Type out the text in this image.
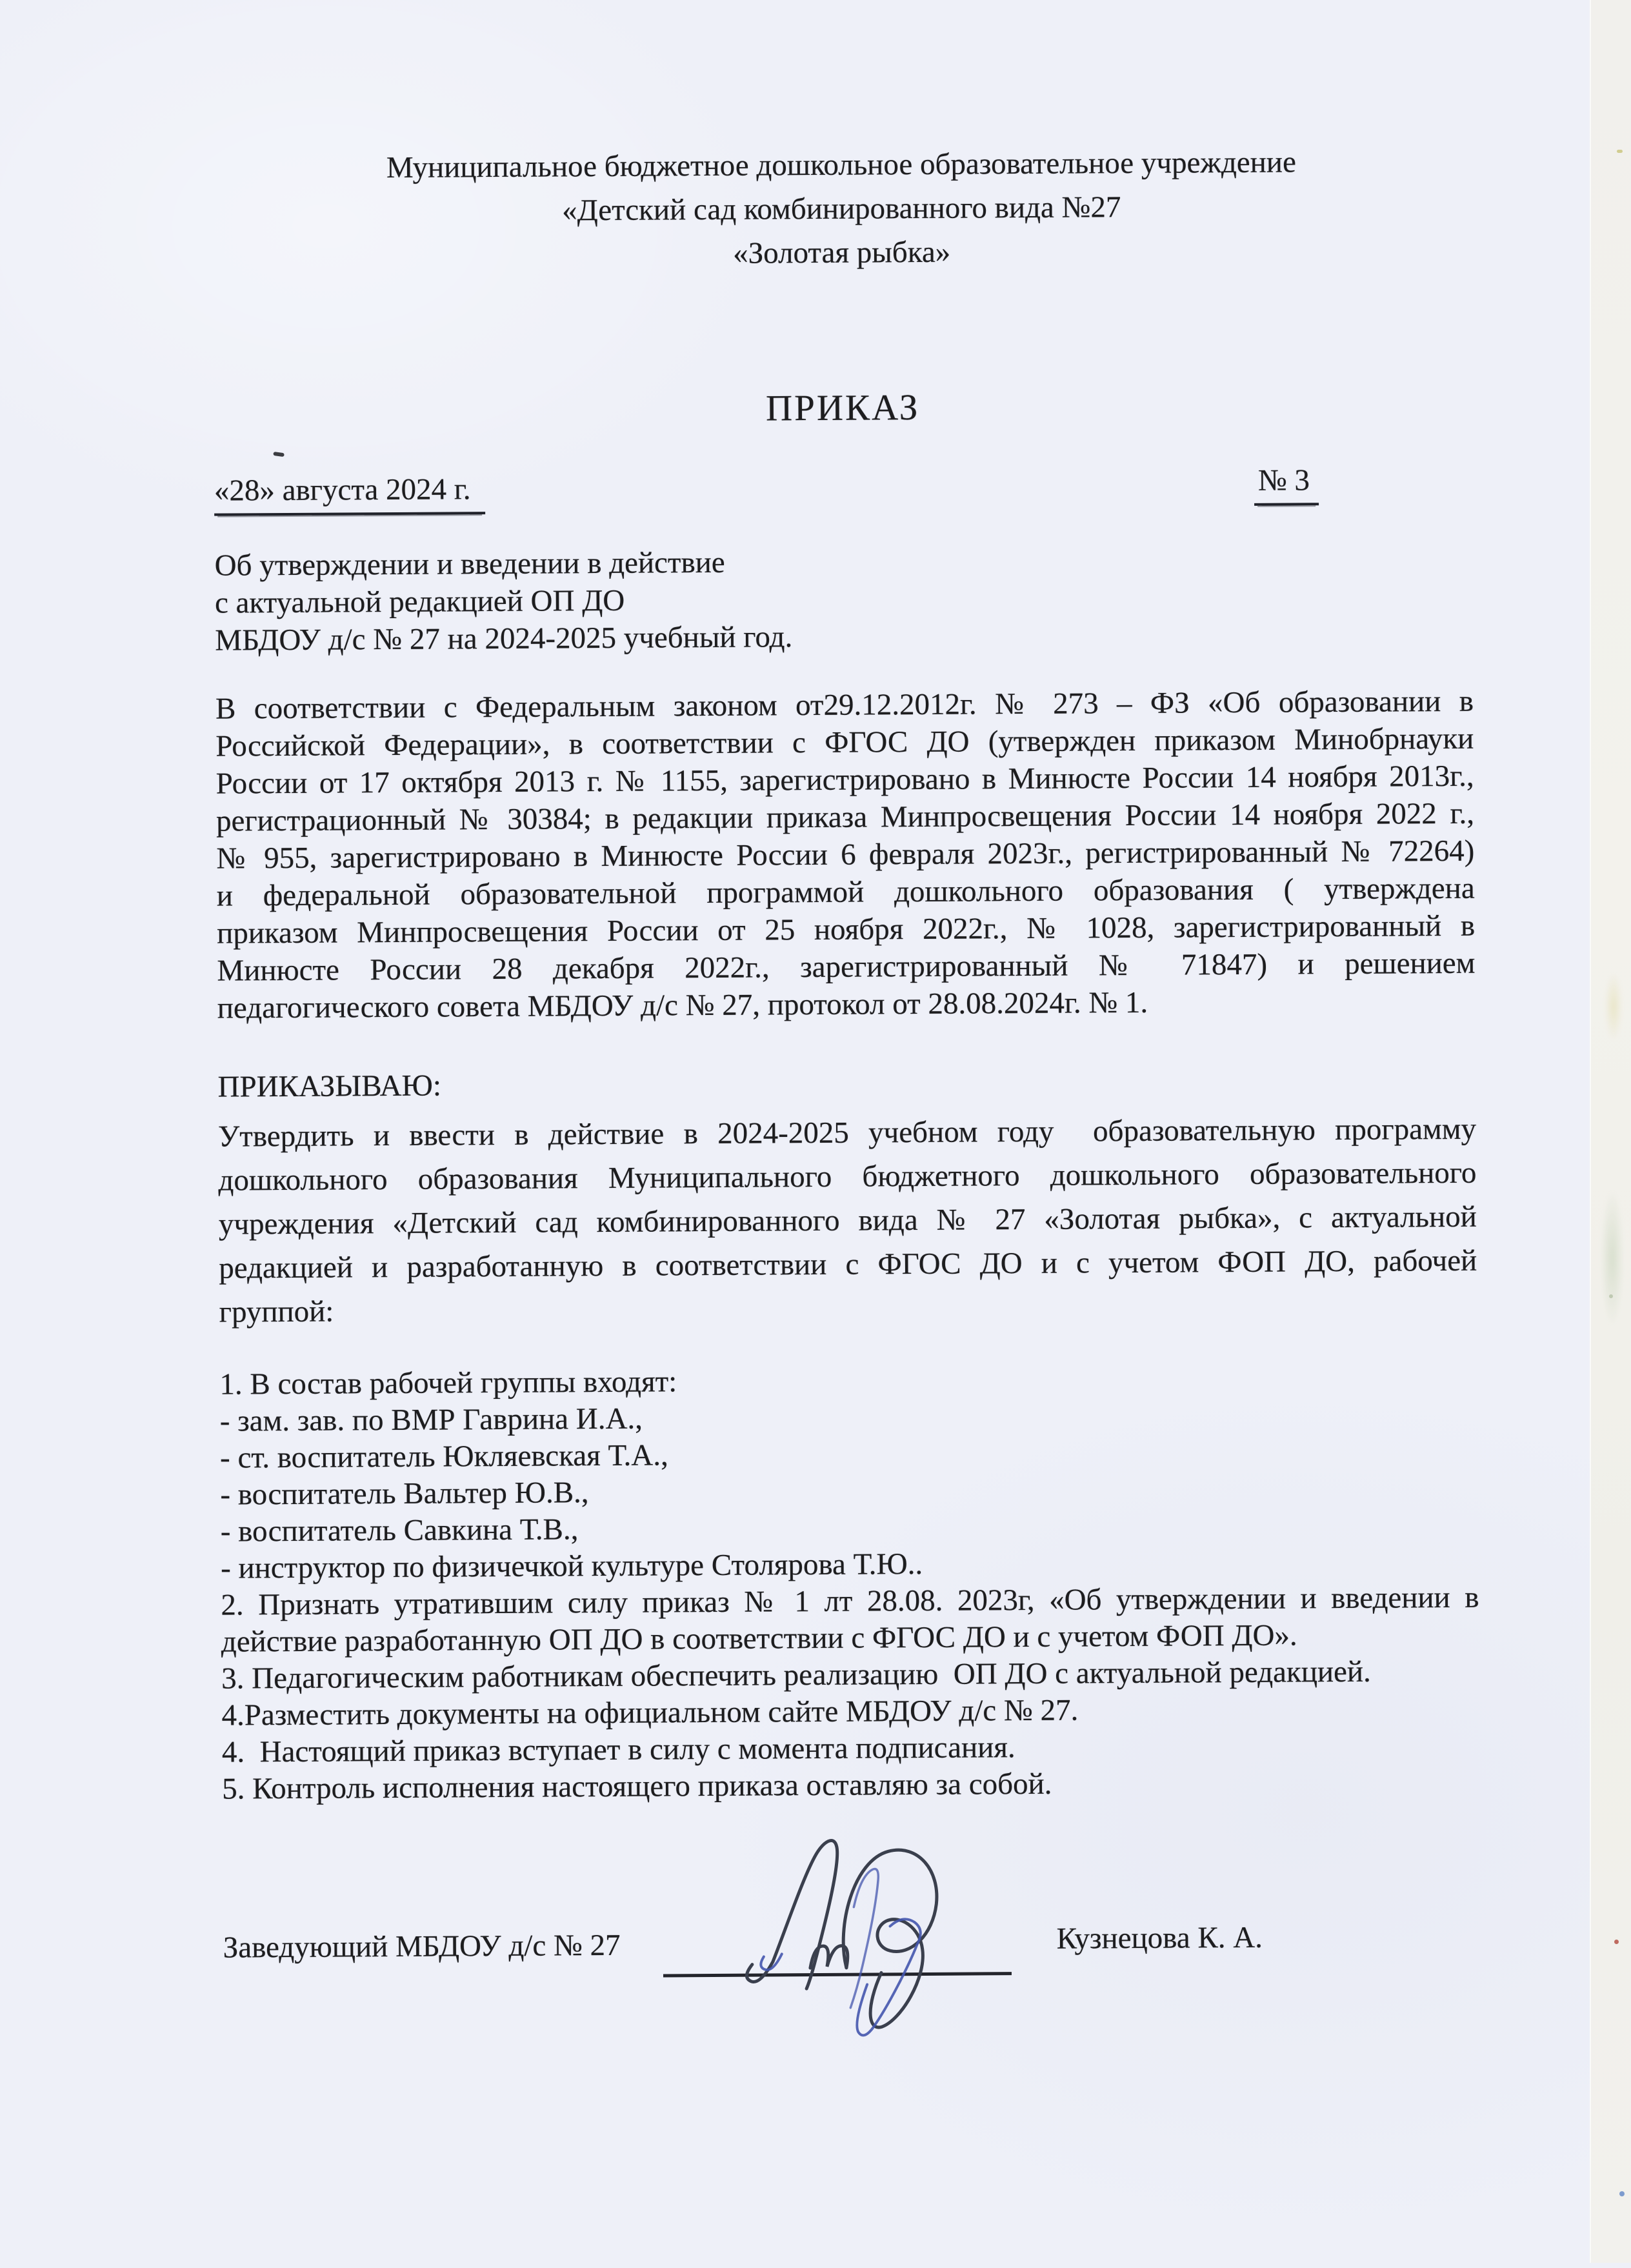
Муниципальное бюджетное дошкольное образовательное учреждение
«Детский сад комбинированного вида №27
«Золотая рыбка»
ПРИКАЗ
«28» августа 2024 г.	№ 3
Об утверждении и введении в действие
с актуальной редакцией ОП ДО
МБДОУ д/с № 27 на 2024-2025 учебный год.
В соответствии с Федеральным законом от29.12.2012г. № 273 – ФЗ «Об образовании в
Российской Федерации», в соответствии с ФГОС ДО (утвержден приказом Минобрнауки
России от 17 октября 2013 г. № 1155, зарегистрировано в Минюсте России 14 ноября 2013г.,
регистрационный № 30384; в редакции приказа Минпросвещения России 14 ноября 2022 г.,
№ 955, зарегистрировано в Минюсте России 6 февраля 2023г., регистрированный № 72264)
и федеральной образовательной программой дошкольного образования ( утверждена
приказом Минпросвещения России от 25 ноября 2022г., № 1028, зарегистрированный в
Минюсте России 28 декабря 2022г., зарегистрированный № 71847) и решением
педагогического совета МБДОУ д/с № 27, протокол от 28.08.2024г. № 1.
ПРИКАЗЫВАЮ:
Утвердить и ввести в действие в 2024-2025 учебном году  образовательную программу
дошкольного образования Муниципального бюджетного дошкольного образовательного
учреждения «Детский сад комбинированного вида № 27 «Золотая рыбка», с актуальной
редакцией и разработанную в соответствии с ФГОС ДО и с учетом ФОП ДО, рабочей
группой:
1. В состав рабочей группы входят:
- зам. зав. по ВМР Гаврина И.А.,
- ст. воспитатель Юкляевская Т.А.,
- воспитатель Вальтер Ю.В.,
- воспитатель Савкина Т.В.,
- инструктор по физичечкой культуре Столярова Т.Ю..
2. Признать утратившим силу приказ № 1 лт 28.08. 2023г, «Об утверждении и введении в
действие разработанную ОП ДО в соответствии с ФГОС ДО и с учетом ФОП ДО».
3. Педагогическим работникам обеспечить реализацию  ОП ДО с актуальной редакцией.
4.Разместить документы на официальном сайте МБДОУ д/с № 27.
4.  Настоящий приказ вступает в силу с момента подписания.
5. Контроль исполнения настоящего приказа оставляю за собой.
Заведующий МБДОУ д/с № 27	Кузнецова К. А.
